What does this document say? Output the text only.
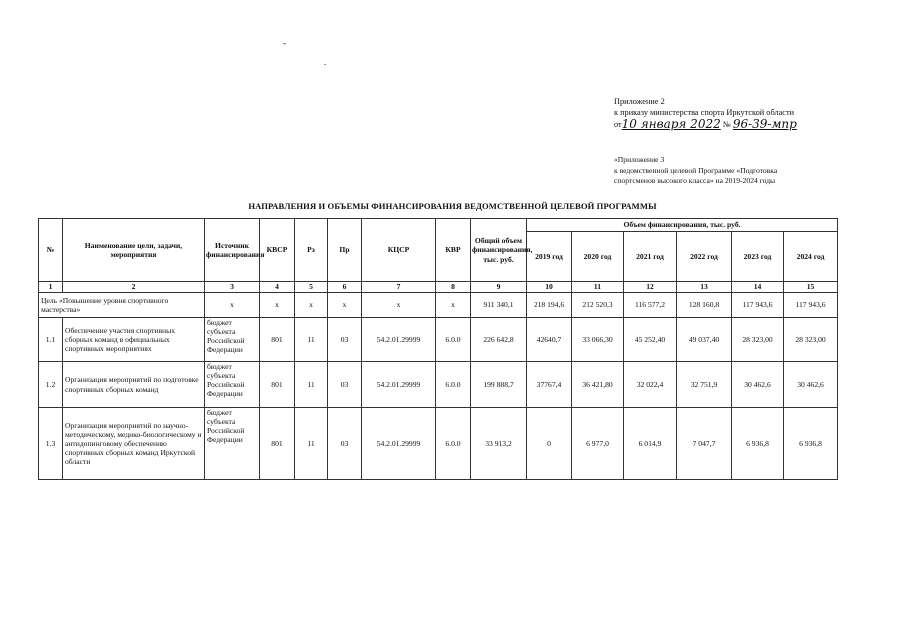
-
.
Приложение 2
к приказу министерства спорта Иркутской области
от10 января 2022 № 96-39-мпр
«Приложение 3
к ведомственной целевой Программе «Подготовка
спортсменов высокого класса» на 2019-2024 годы
НАПРАВЛЕНИЯ И ОБЪЕМЫ ФИНАНСИРОВАНИЯ ВЕДОМСТВЕННОЙ ЦЕЛЕВОЙ ПРОГРАММЫ
№	Наименование цели, задачи, мероприятия	Источник финансирования	КВСР	Рз	Пр	КЦСР	КВР	Общий объем финансирования, тыс. руб.	Объем финансирования, тыс. руб.					
									2019 год	2020 год	2021 год	2022 год	2023 год	2024 год
1	2	3	4	5	6	7	8	9	10	11	12	13	14	15
Цель «Повышение уровня спортивного мастерства»		х	х	х	х	х	х	911 340,1	218 194,6	212 520,3	116 577,2	128 160,8	117 943,6	117 943,6
1.1	Обеспечение участия спортивных сборных команд в официальных спортивных мероприятиях	бюджет субъекта Российской Федерации	801	11	03	54.2.01.29999	6.0.0	226 642,8	42640,7	33 066,30	45 252,40	49 037,40	28 323,00	28 323,00
1.2	Организация мероприятий по подготовке спортивных сборных команд	бюджет субъекта Российской Федерации	801	11	03	54.2.01.29999	6.0.0	199 888,7	37767,4	36 421,80	32 022,4	32 751,9	30 462,6	30 462,6
1.3	Организация мероприятий по научно-методическому, медико-биологическому и антидопинговому обеспечению спортивных сборных команд Иркутской области	бюджет субъекта Российской Федерации	801	11	03	54.2.01.29999	6.0.0	33 913,2	0	6 977,0	6 014,9	7 047,7	6 936,8	6 936,8
